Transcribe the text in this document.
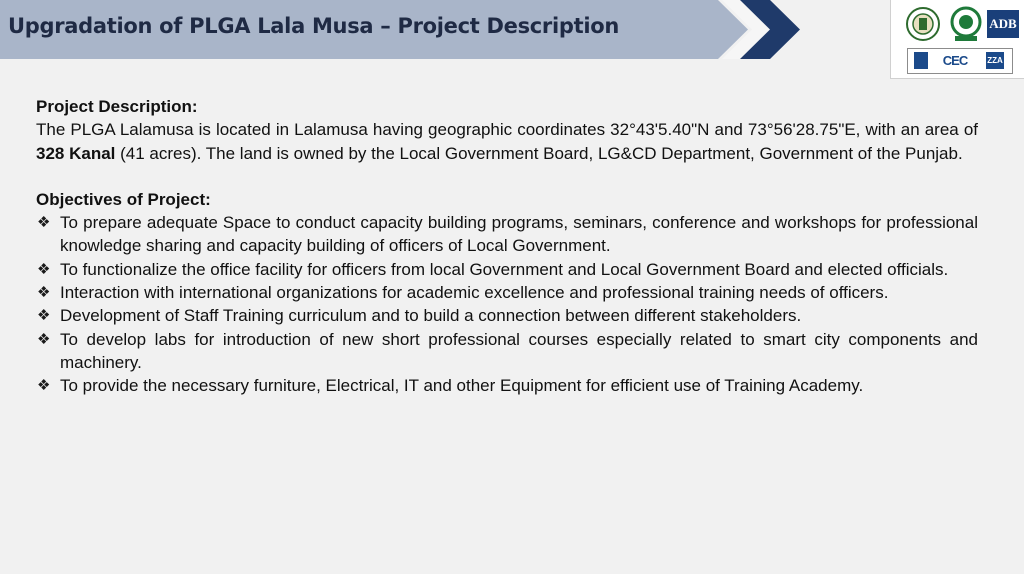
Upgradation of PLGA Lala Musa – Project Description	ADB
CEC	ZZA
Project Description:
The PLGA Lalamusa is located in Lalamusa having geographic coordinates 32°43'5.40"N and 73°56'28.75"E, with an area of 328 Kanal (41 acres). The land is owned by the Local Government Board, LG&CD Department, Government of the Punjab.
Objectives of Project:
❖ To prepare adequate Space to conduct capacity building programs, seminars, conference and workshops for professional knowledge sharing and capacity building of officers of Local Government.
❖ To functionalize the office facility for officers from local Government and Local Government Board and elected officials.
❖ Interaction with international organizations for academic excellence and professional training needs of officers.
❖ Development of Staff Training curriculum and to build a connection between different stakeholders.
❖ To develop labs for introduction of new short professional courses especially related to smart city components and machinery.
❖ To provide the necessary furniture, Electrical, IT and other Equipment for efficient use of Training Academy.
